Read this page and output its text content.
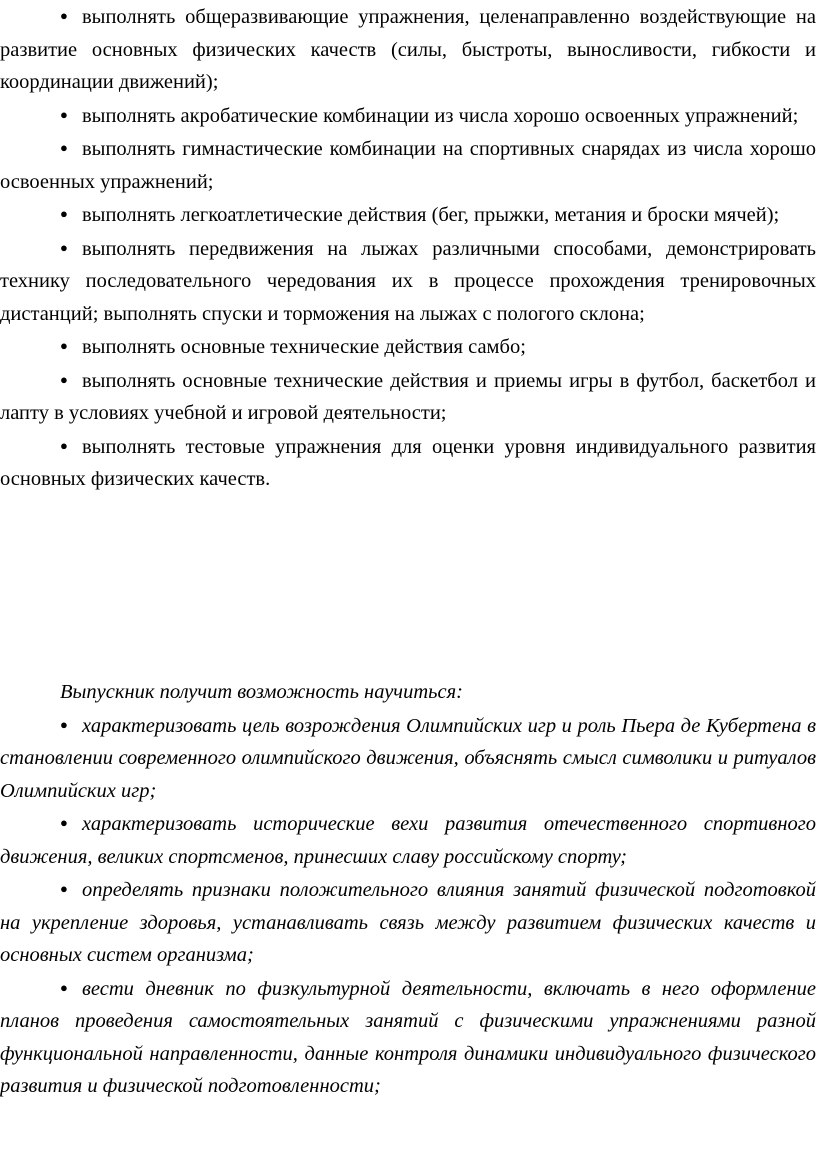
● выполнять общеразвивающие упражнения, целенаправленно воздействующие на развитие основных физических качеств (силы, быстроты, выносливости, гибкости и координации движений);

● выполнять акробатические комбинации из числа хорошо освоенных упражнений;

● выполнять гимнастические комбинации на спортивных снарядах из числа хорошо освоенных упражнений;

● выполнять легкоатлетические действия (бег, прыжки, метания и броски мячей);

● выполнять передвижения на лыжах различными способами, демонстрировать технику последовательного чередования их в процессе прохождения тренировочных дистанций; выполнять спуски и торможения на лыжах с пологого склона;

● выполнять основные технические действия самбо;

● выполнять основные технические действия и приемы игры в футбол, баскетбол и лапту в условиях учебной и игровой деятельности;

● выполнять тестовые упражнения для оценки уровня индивидуального развития основных физических качеств.

Выпускник получит возможность научиться:

● характеризовать цель возрождения Олимпийских игр и роль Пьера де Кубертена в становлении современного олимпийского движения, объяснять смысл символики и ритуалов Олимпийских игр;

● характеризовать исторические вехи развития отечественного спортивного движения, великих спортсменов, принесших славу российскому спорту;

● определять признаки положительного влияния занятий физической подготовкой на укрепление здоровья, устанавливать связь между развитием физических качеств и основных систем организма;

● вести дневник по физкультурной деятельности, включать в него оформление планов проведения самостоятельных занятий с физическими упражнениями разной функциональной направленности, данные контроля динамики индивидуального физического развития и физической подготовленности;
